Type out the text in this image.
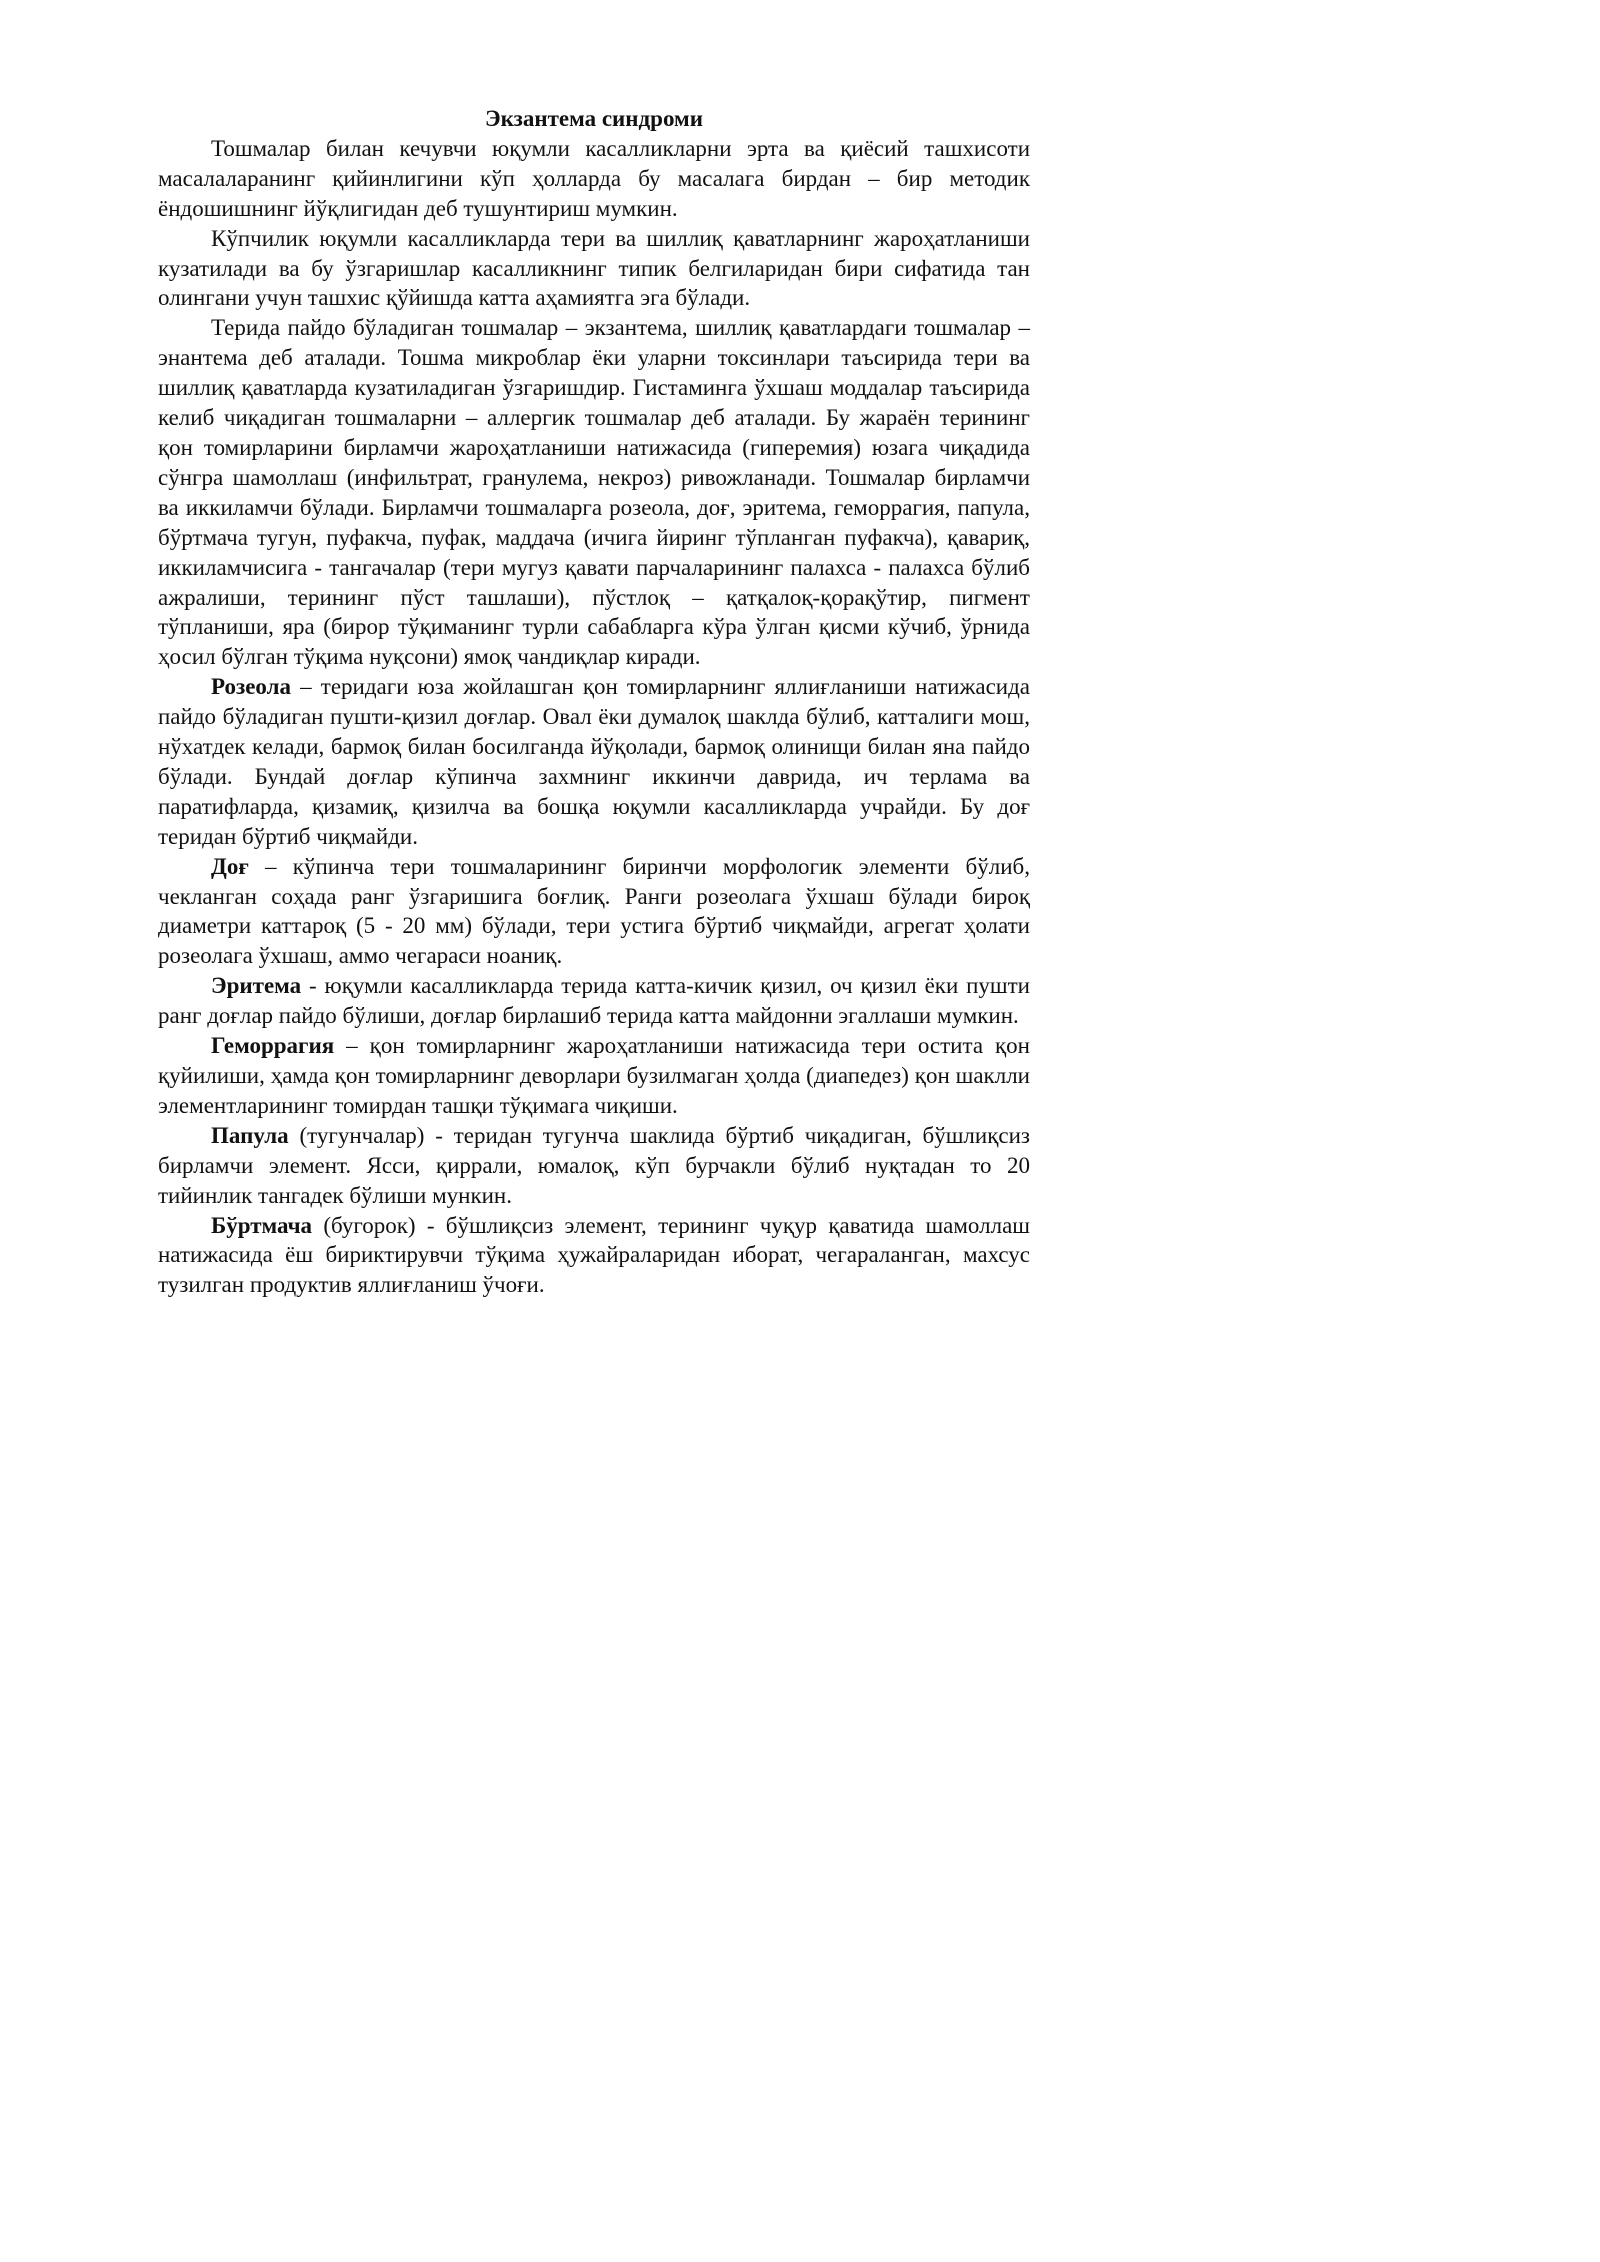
Экзантема синдроми

Тошмалар билан кечувчи юқумли касалликларни эрта ва қиёсий ташхисоти масалаларанинг қийинлигини кўп ҳолларда бу масалага бирдан – бир методик ёндошишнинг йўқлигидан деб тушунтириш мумкин.

Кўпчилик юқумли касалликларда тери ва шиллиқ қаватларнинг жароҳатланиши кузатилади ва бу ўзгаришлар касалликнинг типик белгиларидан бири сифатида тан олингани учун ташхис қўйишда катта аҳамиятга эга бўлади.

Терида пайдо бўладиган тошмалар – экзантема, шиллиқ қаватлардаги тошмалар – энантема деб аталади. Тошма микроблар ёки уларни токсинлари таъсирида тери ва шиллиқ қаватларда кузатиладиган ўзгаришдир. Гистаминга ўхшаш моддалар таъсирида келиб чиқадиган тошмаларни – аллергик тошмалар деб аталади. Бу жараён терининг қон томирларини бирламчи жароҳатланиши натижасида (гиперемия) юзага чиқадида сўнгра шамоллаш (инфильтрат, гранулема, некроз) ривожланади. Тошмалар бирламчи ва иккиламчи бўлади. Бирламчи тошмаларга розеола, доғ, эритема, геморрагия, папула, бўртмача тугун, пуфакча, пуфак, маддача (ичига йиринг тўпланган пуфакча), қавариқ, иккиламчисига - тангачалар (тери мугуз қавати парчаларининг палахса - палахса бўлиб ажралиши, терининг пўст ташлаши), пўстлоқ – қатқалоқ-қорақўтир, пигмент тўпланиши, яра (бирор тўқиманинг турли сабабларга кўра ўлган қисми кўчиб, ўрнида ҳосил бўлган тўқима нуқсони) ямоқ чандиқлар киради.

Розеола – теридаги юза жойлашган қон томирларнинг яллиғланиши натижасида пайдо бўладиган пушти-қизил доғлар. Овал ёки думалоқ шаклда бўлиб, катталиги мош, нўхатдек келади, бармоқ билан босилганда йўқолади, бармоқ олинищи билан яна пайдо бўлади. Бундай доғлар кўпинча захмнинг иккинчи даврида, ич терлама ва паратифларда, қизамиқ, қизилча ва бошқа юқумли касалликларда учрайди. Бу доғ теридан бўртиб чиқмайди.

Доғ – кўпинча тери тошмаларининг биринчи морфологик элементи бўлиб, чекланган соҳада ранг ўзгаришига боғлиқ. Ранги розеолага ўхшаш бўлади бироқ диаметри каттароқ (5 - 20 мм) бўлади, тери устига бўртиб чиқмайди, агрегат ҳолати розеолага ўхшаш, аммо чегараси ноаниқ.

Эритема - юқумли касалликларда терида катта-кичик қизил, оч қизил ёки пушти ранг доғлар пайдо бўлиши, доғлар бирлашиб терида катта майдонни эгаллаши мумкин.

Геморрагия – қон томирларнинг жароҳатланиши натижасида тери остита қон қуйилиши, ҳамда қон томирларнинг деворлари бузилмаган ҳолда (диапедез) қон шаклли элементларининг томирдан ташқи тўқимага чиқиши.

Папула (тугунчалар) - теридан тугунча шаклида бўртиб чиқадиган, бўшлиқсиз бирламчи элемент. Ясси, қиррали, юмалоқ, кўп бурчакли бўлиб нуқтадан то 20 тийинлик тангадек бўлиши мункин.

Бўртмача (бугорок) - бўшлиқсиз элемент, терининг чуқур қаватида шамоллаш натижасида ёш бириктирувчи тўқима ҳужайраларидан иборат, чегараланган, махсус тузилган продуктив яллиғланиш ўчоғи.
